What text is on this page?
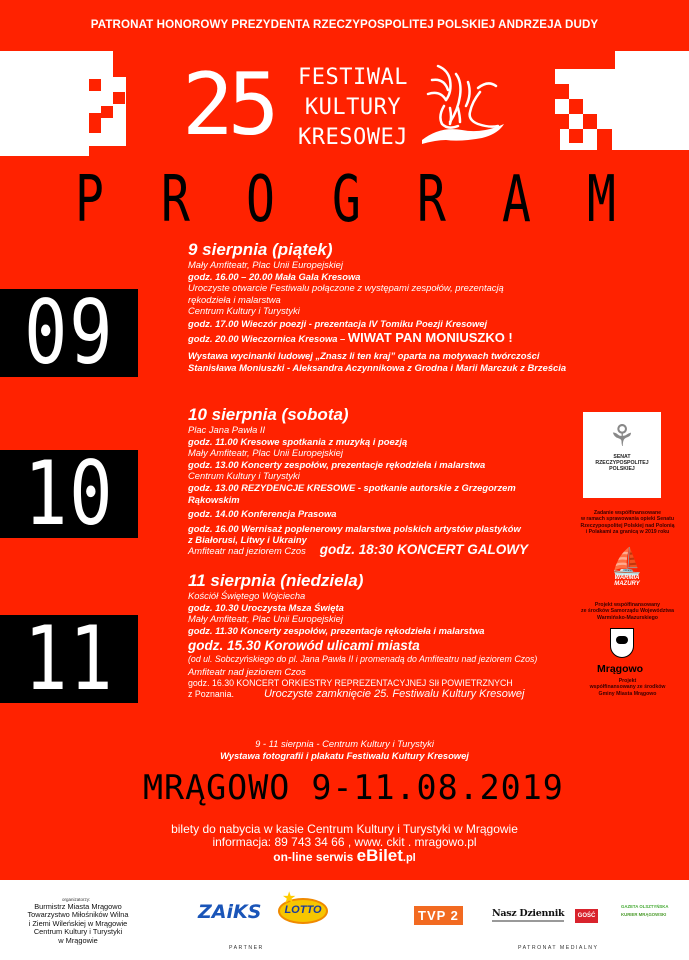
PATRONAT HONOROWY PREZYDENTA RZECZYPOSPOLITEJ POLSKIEJ ANDRZEJA DUDY
25	FESTIWAL
KULTURY
KRESOWEJ
P R O G R A M
09
10
11
9 sierpnia (piątek)
Mały Amfiteatr, Plac Unii Europejskiej
godz. 16.00 – 20.00 Mała Gala Kresowa
Uroczyste otwarcie Festiwalu połączone z występami zespołów, prezentacją
rękodzieła i malarstwa
Centrum Kultury i Turystyki
godz. 17.00 Wieczór poezji - prezentacja IV Tomiku Poezji Kresowej
godz. 20.00 Wieczornica Kresowa – WIWAT PAN MONIUSZKO !
Wystawa wycinanki ludowej „Znasz li ten kraj” oparta na motywach twórczości
Stanisława Moniuszki - Aleksandra Aczynnikowa z Grodna i Marii Marczuk z Brześcia
10 sierpnia (sobota)
Plac Jana Pawła II
godz. 11.00 Kresowe spotkania z muzyką i poezją
Mały Amfiteatr, Plac Unii Europejskiej
godz. 13.00 Koncerty zespołów, prezentacje rękodzieła i malarstwa
Centrum Kultury i Turystyki
godz. 13.00 REZYDENCJE KRESOWE - spotkanie autorskie z Grzegorzem
Rąkowskim
godz. 14.00 Konferencja Prasowa
godz. 16.00 Wernisaż poplenerowy malarstwa polskich artystów plastyków
z Białorusi, Litwy i Ukrainy
Amfiteatr nad jeziorem Czos godz. 18:30 KONCERT GALOWY
11 sierpnia (niedziela)
Kościół Świętego Wojciecha
godz. 10.30 Uroczysta Msza Święta
Mały Amfiteatr, Plac Unii Europejskiej
godz. 11.30 Koncerty zespołów, prezentacje rękodzieła i malarstwa
godz. 15.30 Korowód ulicami miasta
(od ul. Sobczyńskiego do pl. Jana Pawła II i promenadą do Amfiteatru nad jeziorem Czos)
Amfiteatr nad jeziorem Czos
godz. 16.30 KONCERT ORKIESTRY REPREZENTACYJNEJ SIł POWIETRZNYCH
z Poznania.	Uroczyste zamknięcie 25. Festiwalu Kultury Kresowej
⚘
SENAT
RZECZYPOSPOLITEJ
POLSKIEJ
Zadanie współfinansowane
w ramach sprawowania opieki Senatu
Rzeczypospolitej Polskiej nad Polonią
i Polakami za granicą w 2019 roku
⛵
WARMIA
MAZURY
Projekt współfinansowany
ze środków Samorządu Województwa
Warmińsko-Mazurskiego
Mrągowo
Projekt
współfinansowany ze środków
Gminy Miasta Mrągowo
9 - 11 sierpnia - Centrum Kultury i Turystyki
Wystawa fotografii i plakatu Festiwalu Kultury Kresowej
MRĄGOWO 9-11.08.2019
bilety do nabycia w kasie Centrum Kultury i Turystyki w Mrągowie
informacja: 89 743 34 66 , www. ckit . mragowo.pl
on-line serwis eBilet.pl
organizatorzy:
Burmistrz Miasta Mrągowo
Towarzystwo Miłośników Wilna
i Ziemi Wileńskiej w Mrągowie
Centrum Kultury i Turystyki
w Mrągowie
ZAiKS	LOTTO
★
PARTNER
TVP 2	Nasz Dziennik	GOŚĆ
GAZETA OLSZTYŃSKA
KURIER MRĄGOWSKI
PATRONAT MEDIALNY
